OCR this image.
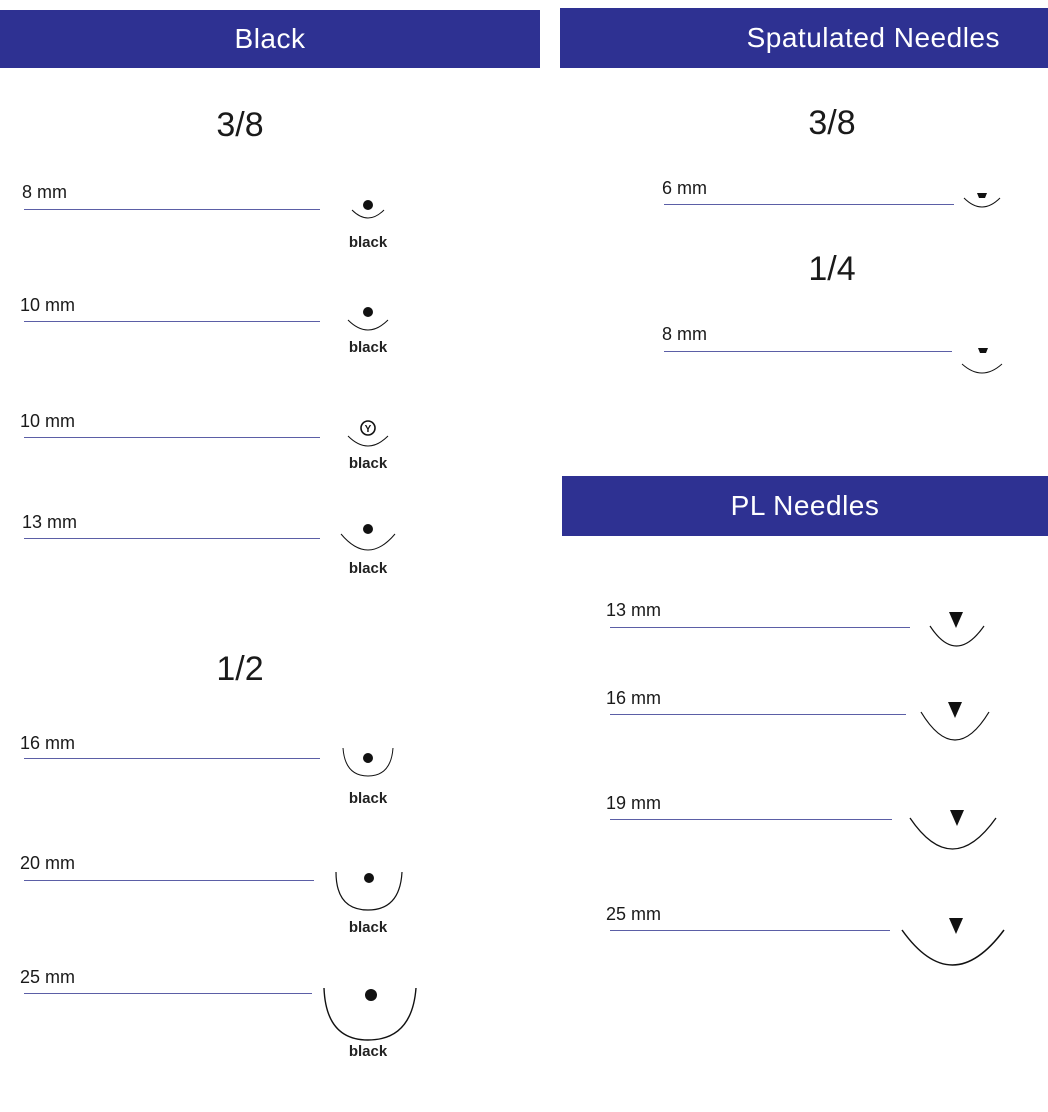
Black	Spatulated Needles
PL Needles
3/8
1/2
3/8
1/4
8 mm
black
10 mm
black
10 mm	Y
black
13 mm
black
16 mm
black
20 mm
black
25 mm
black
6 mm
8 mm
13 mm
16 mm
19 mm
25 mm
